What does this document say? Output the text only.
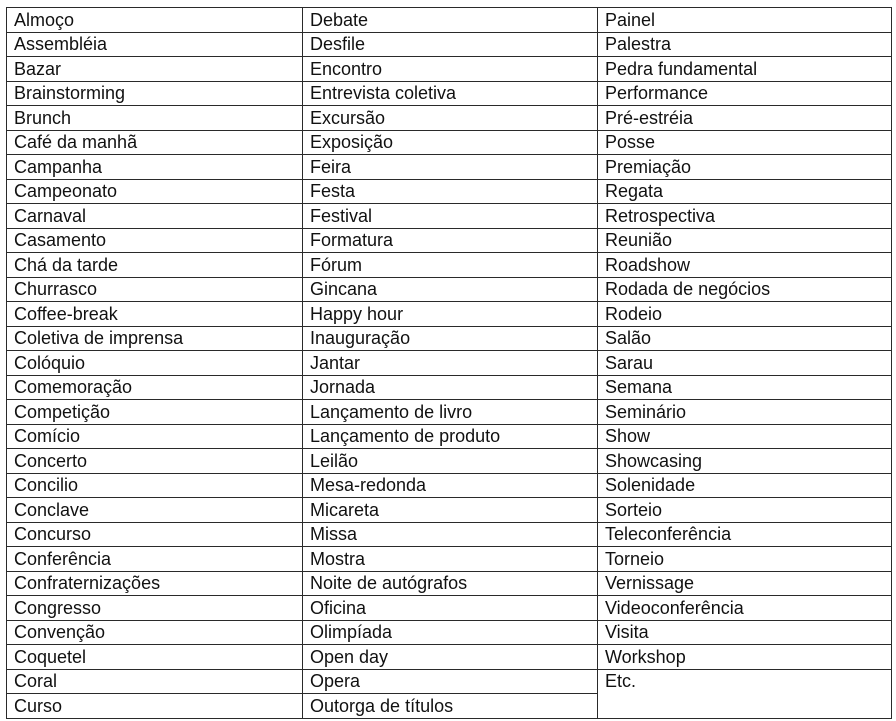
Almoço	Debate	Painel
Assembléia	Desfile	Palestra
Bazar	Encontro	Pedra fundamental
Brainstorming	Entrevista coletiva	Performance
Brunch	Excursão	Pré-estréia
Café da manhã	Exposição	Posse
Campanha	Feira	Premiação
Campeonato	Festa	Regata
Carnaval	Festival	Retrospectiva
Casamento	Formatura	Reunião
Chá da tarde	Fórum	Roadshow
Churrasco	Gincana	Rodada de negócios
Coffee-break	Happy hour	Rodeio
Coletiva de imprensa	Inauguração	Salão
Colóquio	Jantar	Sarau
Comemoração	Jornada	Semana
Competição	Lançamento de livro	Seminário
Comício	Lançamento de produto	Show
Concerto	Leilão	Showcasing
Concilio	Mesa-redonda	Solenidade
Conclave	Micareta	Sorteio
Concurso	Missa	Teleconferência
Conferência	Mostra	Torneio
Confraternizações	Noite de autógrafos	Vernissage
Congresso	Oficina	Videoconferência
Convenção	Olimpíada	Visita
Coquetel	Open day	Workshop
Coral	Opera	Etc.
Curso	Outorga de títulos	
